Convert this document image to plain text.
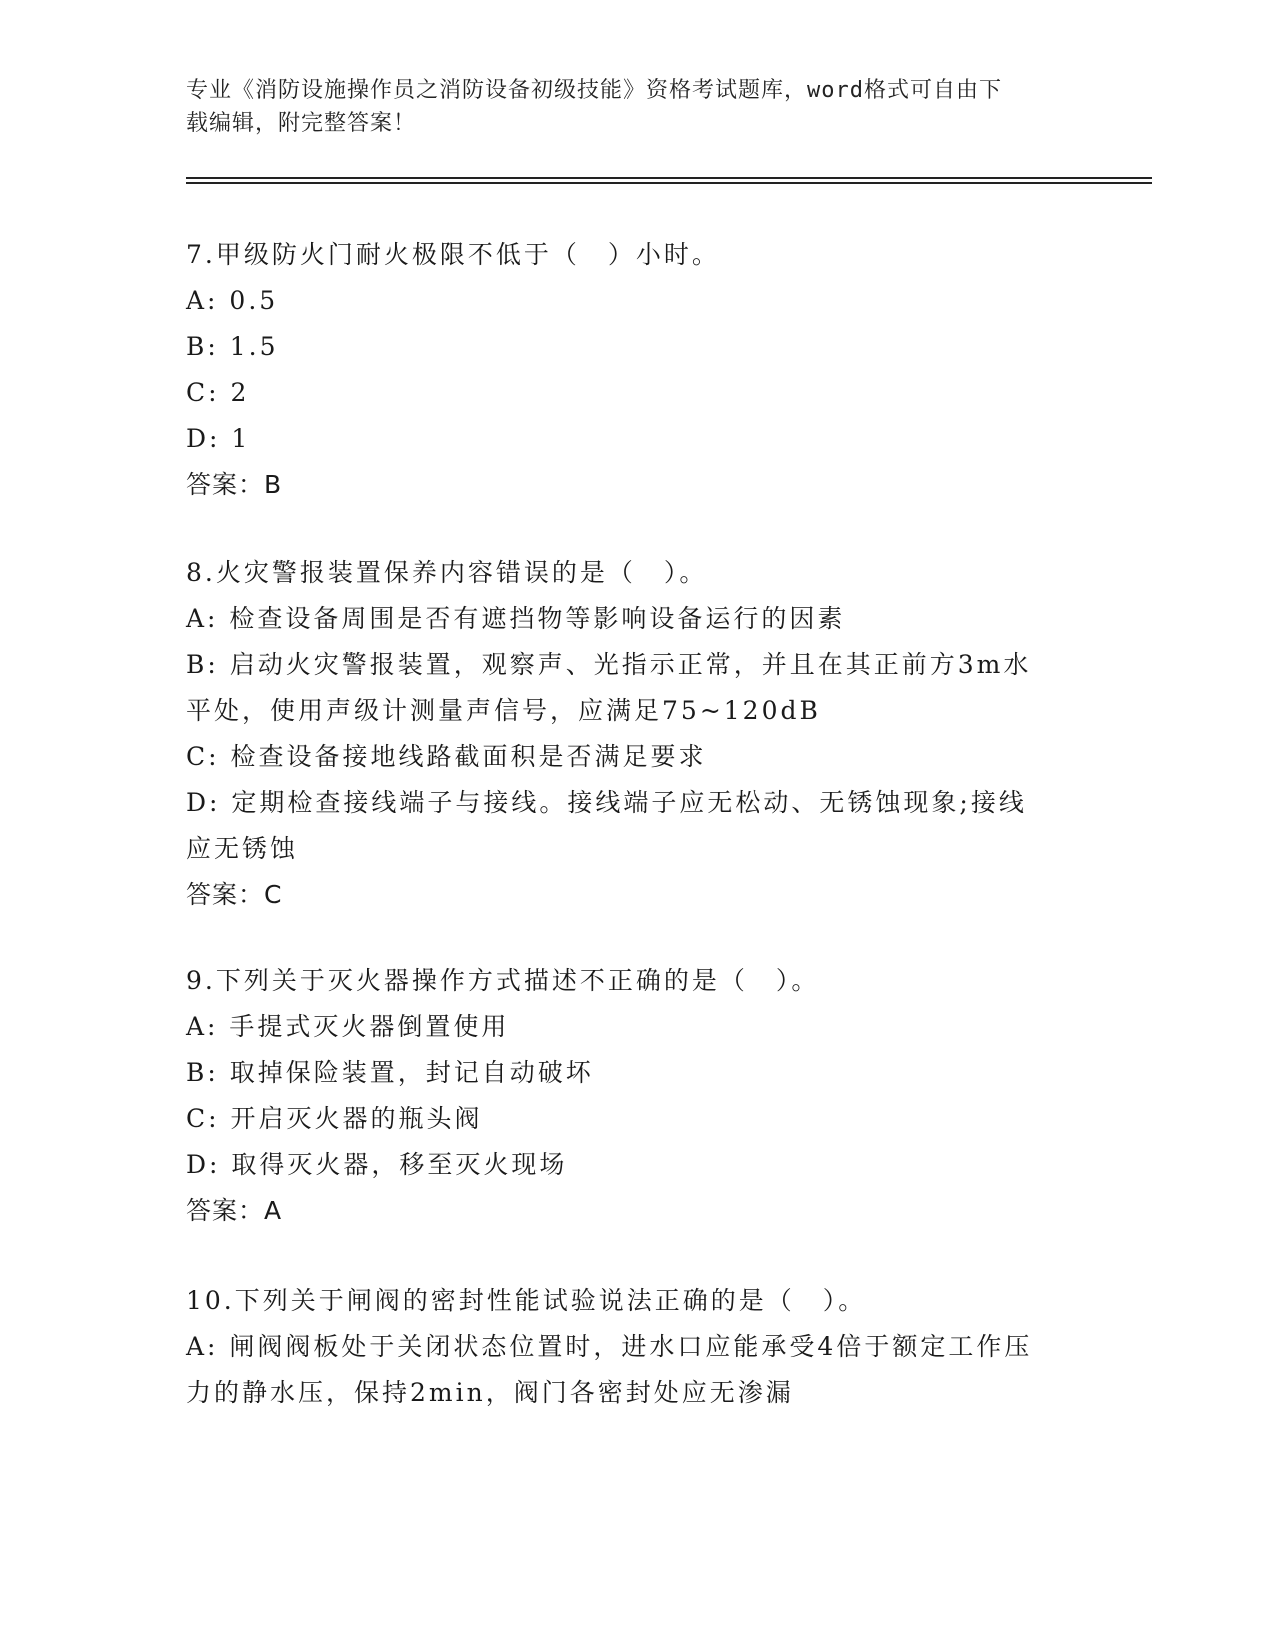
专业《消防设施操作员之消防设备初级技能》资格考试题库，word格式可自由下
载编辑，附完整答案！
7.甲级防火门耐火极限不低于（　）小时。
A: 0.5
B: 1.5
C: 2
D: 1
答案：B
8.火灾警报装置保养内容错误的是（　）。
A: 检查设备周围是否有遮挡物等影响设备运行的因素
B: 启动火灾警报装置，观察声、光指示正常，并且在其正前方3m水
平处，使用声级计测量声信号，应满足75~120dB
C: 检查设备接地线路截面积是否满足要求
D: 定期检查接线端子与接线。接线端子应无松动、无锈蚀现象;接线
应无锈蚀
答案：C
9.下列关于灭火器操作方式描述不正确的是（　）。
A: 手提式灭火器倒置使用
B: 取掉保险装置，封记自动破坏
C: 开启灭火器的瓶头阀
D: 取得灭火器，移至灭火现场
答案：A
10.下列关于闸阀的密封性能试验说法正确的是（　）。
A: 闸阀阀板处于关闭状态位置时，进水口应能承受4倍于额定工作压
力的静水压，保持2min，阀门各密封处应无渗漏
